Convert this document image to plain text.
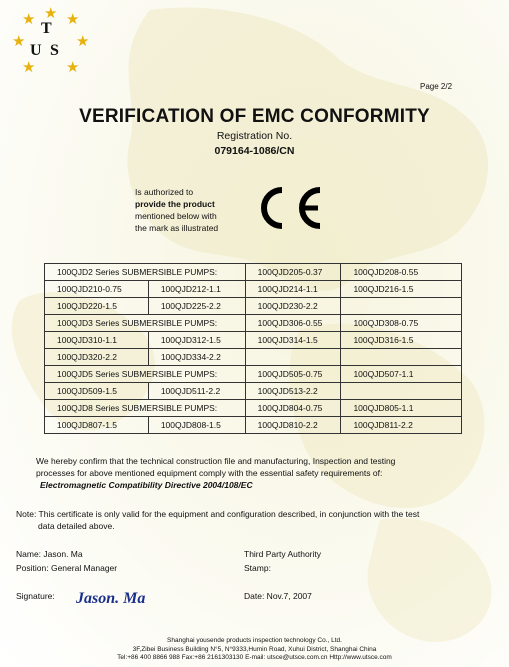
★
★ ★
★	★
★ ★
T
U S
Page 2/2
VERIFICATION OF EMC CONFORMITY
Registration No.
079164-1086/CN
Is authorized to
provide the product
mentioned below with
the mark as illustrated
100QJD2 Series SUBMERSIBLE PUMPS:		100QJD205-0.37	100QJD208-0.55
100QJD210-0.75	100QJD212-1.1	100QJD214-1.1	100QJD216-1.5
100QJD220-1.5	100QJD225-2.2	100QJD230-2.2	
100QJD3 Series SUBMERSIBLE PUMPS:		100QJD306-0.55	100QJD308-0.75
100QJD310-1.1	100QJD312-1.5	100QJD314-1.5	100QJD316-1.5
100QJD320-2.2	100QJD334-2.2		
100QJD5 Series SUBMERSIBLE PUMPS:		100QJD505-0.75	100QJD507-1.1
100QJD509-1.5	100QJD511-2.2	100QJD513-2.2	
100QJD8 Series SUBMERSIBLE PUMPS:		100QJD804-0.75	100QJD805-1.1
100QJD807-1.5	100QJD808-1.5	100QJD810-2.2	100QJD811-2.2
We hereby confirm that the technical construction file and manufacturing, Inspection and testing
processes for above mentioned equipment comply with the essential safety requirements of:
Electromagnetic Compatibility Directive 2004/108/EC
Note: This certificate is only valid for the equipment and configuration described, in conjunction with the test
data detailed above.
Name: Jason. Ma
Position: General Manager
Signature: Jason. Ma
Third Party Authority
Stamp:
Date: Nov.7, 2007
Shanghai yousende products inspection technology Co., Ltd.
3F,Zibei Business Building N°5, N°9333,Humin Road, Xuhui District, Shanghai China
Tel:+86 400 8866 988 Fax:+86 2161303130 E-mail: utsce@utsce.com.cn Http://www.utsce.com
